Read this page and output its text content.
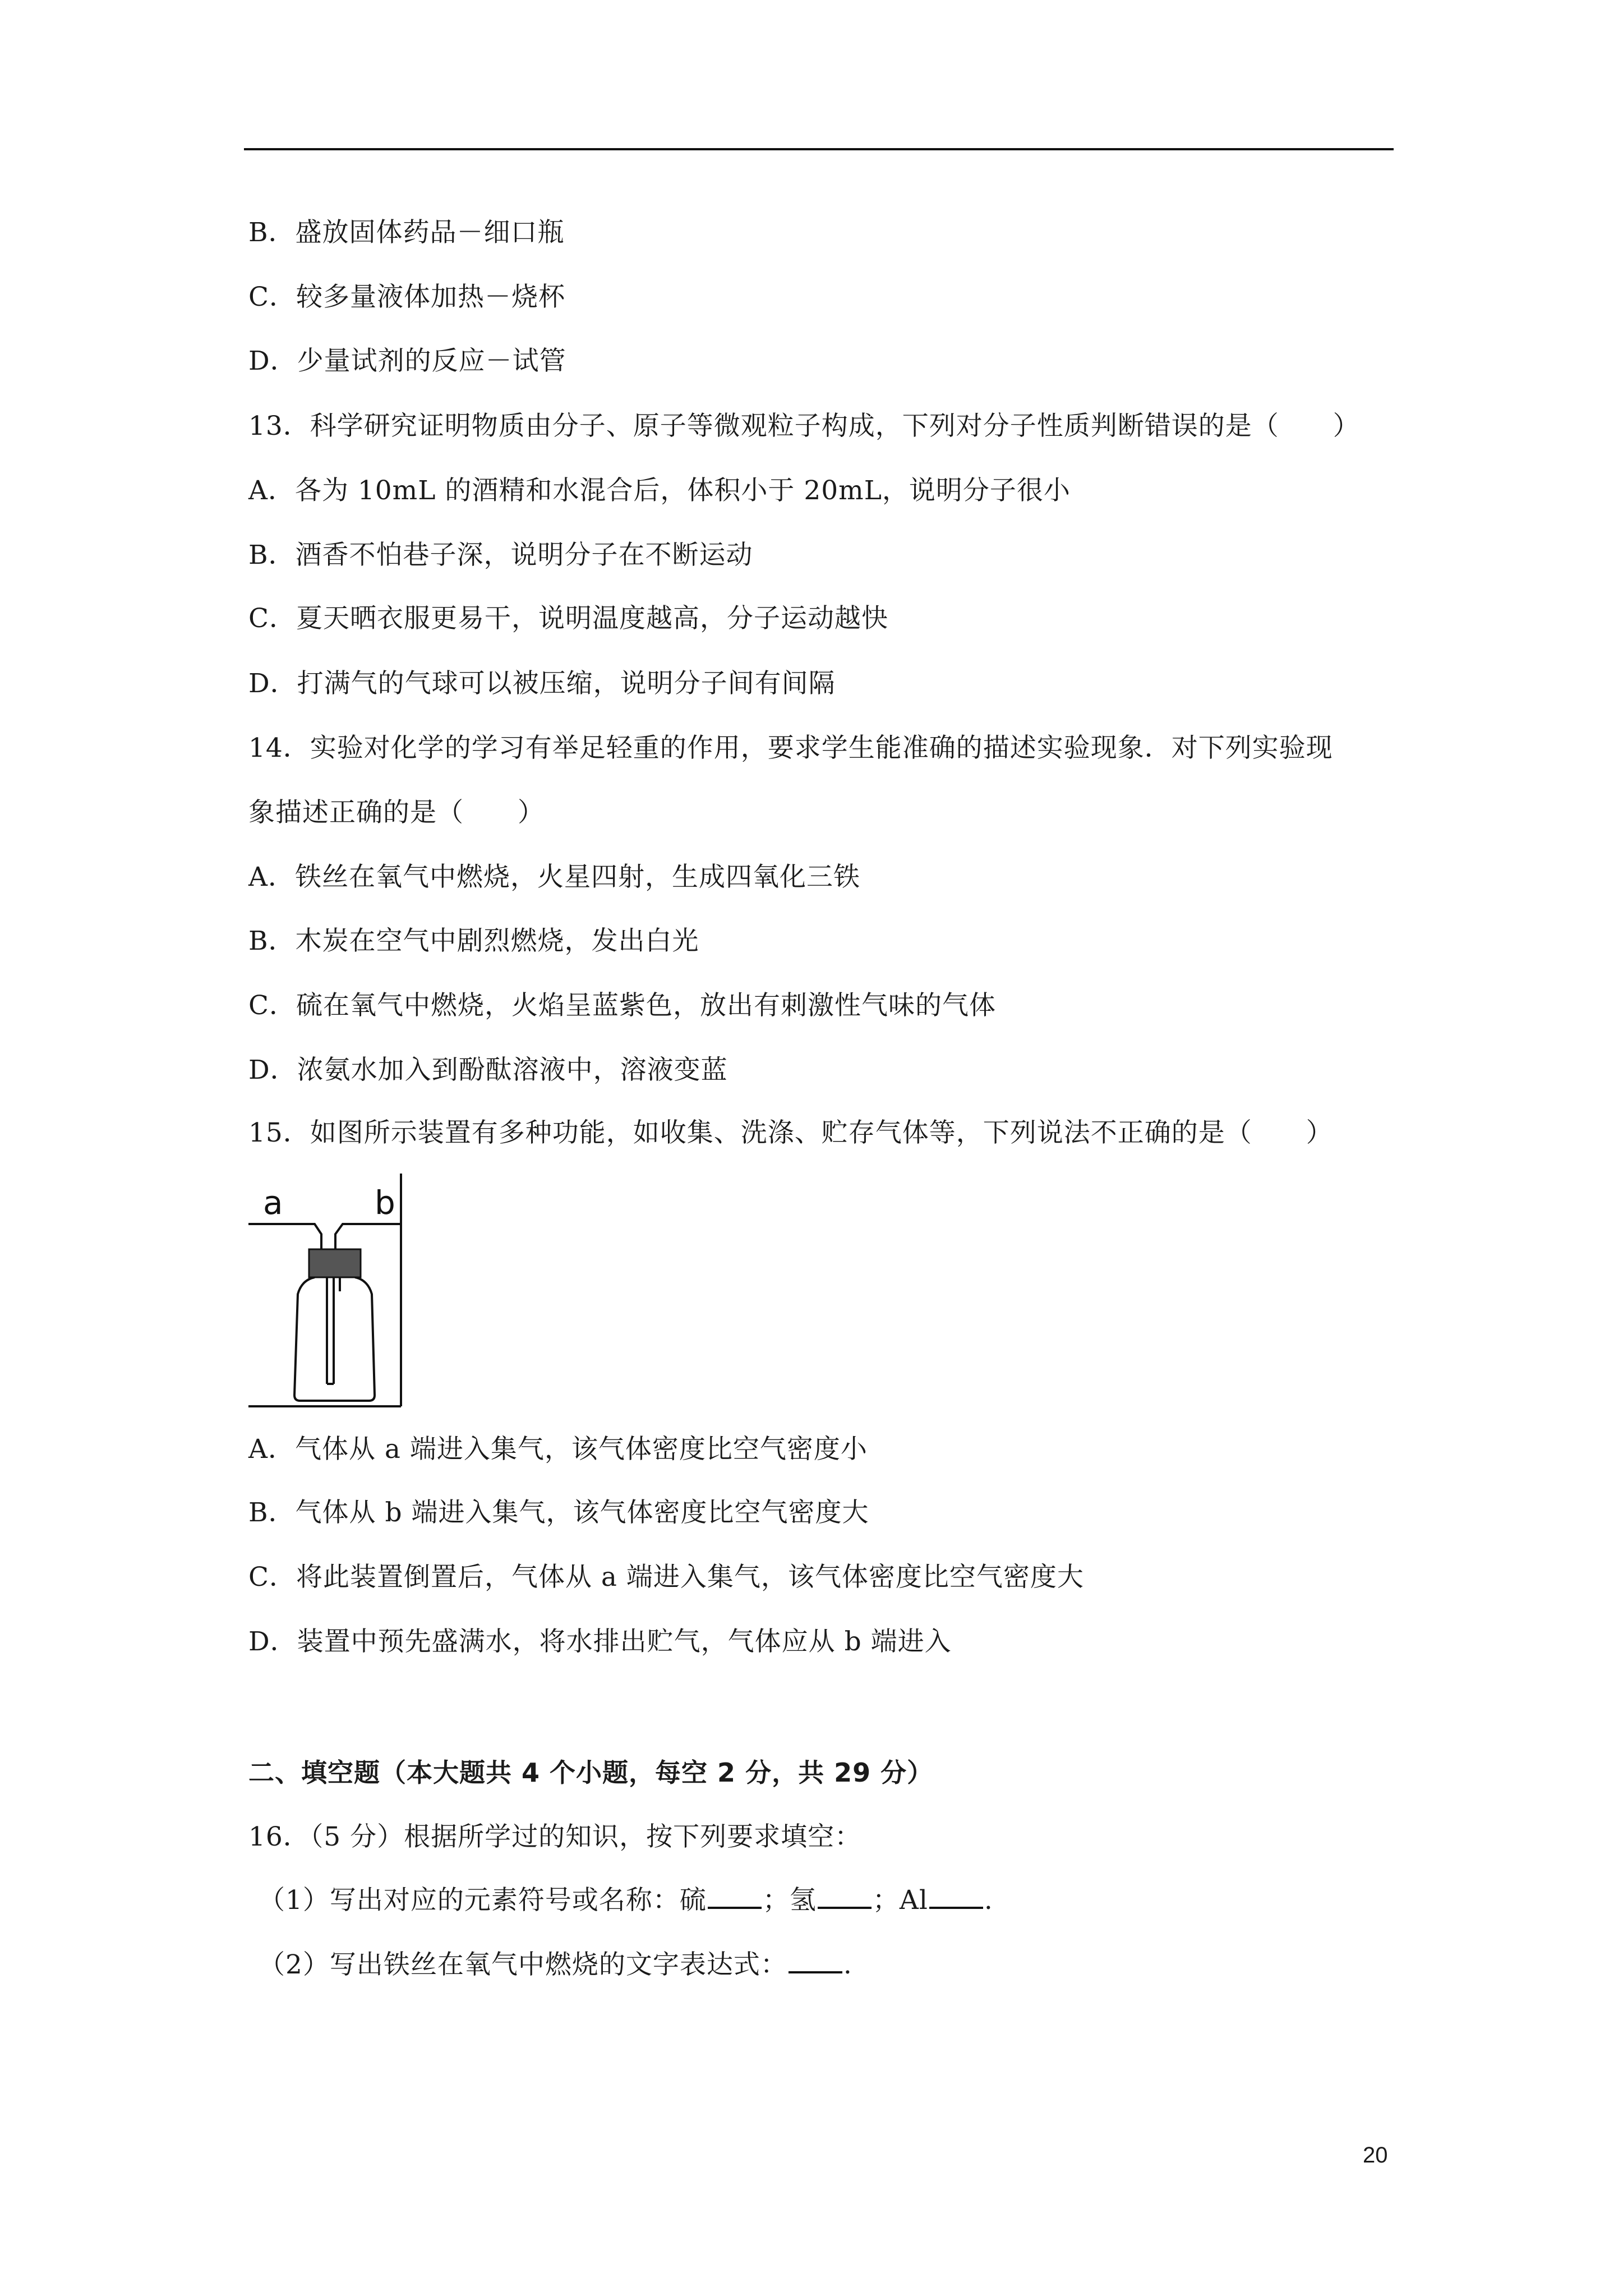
B．盛放固体药品－细口瓶
C．较多量液体加热－烧杯
D．少量试剂的反应－试管
13．科学研究证明物质由分子、原子等微观粒子构成，下列对分子性质判断错误的是（　　）
A．各为 10mL 的酒精和水混合后，体积小于 20mL，说明分子很小
B．酒香不怕巷子深，说明分子在不断运动
C．夏天晒衣服更易干，说明温度越高，分子运动越快
D．打满气的气球可以被压缩，说明分子间有间隔
14．实验对化学的学习有举足轻重的作用，要求学生能准确的描述实验现象．对下列实验现
象描述正确的是（　　）
A．铁丝在氧气中燃烧，火星四射，生成四氧化三铁
B．木炭在空气中剧烈燃烧，发出白光
C．硫在氧气中燃烧，火焰呈蓝紫色，放出有刺激性气味的气体
D．浓氨水加入到酚酞溶液中，溶液变蓝
15．如图所示装置有多种功能，如收集、洗涤、贮存气体等，下列说法不正确的是（　　）
a	b
A．气体从 a 端进入集气，该气体密度比空气密度小
B．气体从 b 端进入集气，该气体密度比空气密度大
C．将此装置倒置后，气体从 a 端进入集气，该气体密度比空气密度大
D．装置中预先盛满水，将水排出贮气，气体应从 b 端进入
二、填空题（本大题共 4 个小题，每空 2 分，共 29 分）
16．（5 分）根据所学过的知识，按下列要求填空：
（1）写出对应的元素符号或名称：硫 ；氢 ；Al .
（2）写出铁丝在氧气中燃烧的文字表达式： .
20
